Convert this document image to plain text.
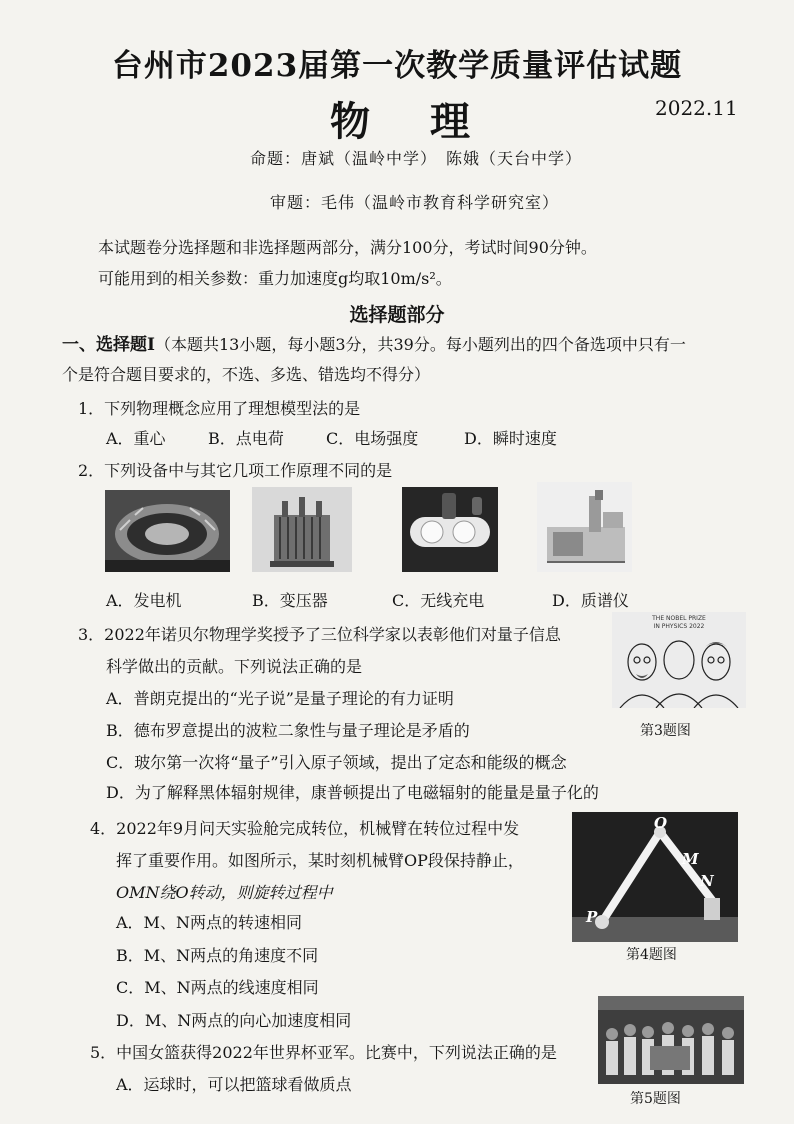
台州市2023届第一次教学质量评估试题
物理	2022.11
命题：唐斌（温岭中学）　陈娥（天台中学）
审题：毛伟（温岭市教育科学研究室）
本试题卷分选择题和非选择题两部分，满分100分，考试时间90分钟。
可能用到的相关参数：重力加速度g均取10m/s²。
选择题部分
一、选择题Ⅰ（本题共13小题，每小题3分，共39分。每小题列出的四个备选项中只有一
个是符合题目要求的，不选、多选、错选均不得分）
1．下列物理概念应用了理想模型法的是
A．重心	B．点电荷	C．电场强度	D．瞬时速度
2．下列设备中与其它几项工作原理不同的是
A．发电机	B．变压器	C．无线充电	D．质谱仪
3．2022年诺贝尔物理学奖授予了三位科学家以表彰他们对量子信息
科学做出的贡献。下列说法正确的是
A．普朗克提出的“光子说”是量子理论的有力证明
B．德布罗意提出的波粒二象性与量子理论是矛盾的
C．玻尔第一次将“量子”引入原子领域，提出了定态和能级的概念
D．为了解释黑体辐射规律，康普顿提出了电磁辐射的能量是量子化的
THE NOBEL PRIZE
IN PHYSICS 2022
第3题图
4．2022年9月问天实验舱完成转位，机械臂在转位过程中发
挥了重要作用。如图所示，某时刻机械臂OP段保持静止，
OMN绕O转动，则旋转过程中
A．M、N两点的转速相同
B．M、N两点的角速度不同
C．M、N两点的线速度相同
D．M、N两点的向心加速度相同
O
M
N
P
第4题图
5．中国女篮获得2022年世界杯亚军。比赛中，下列说法正确的是
A．运球时，可以把篮球看做质点
第5题图
